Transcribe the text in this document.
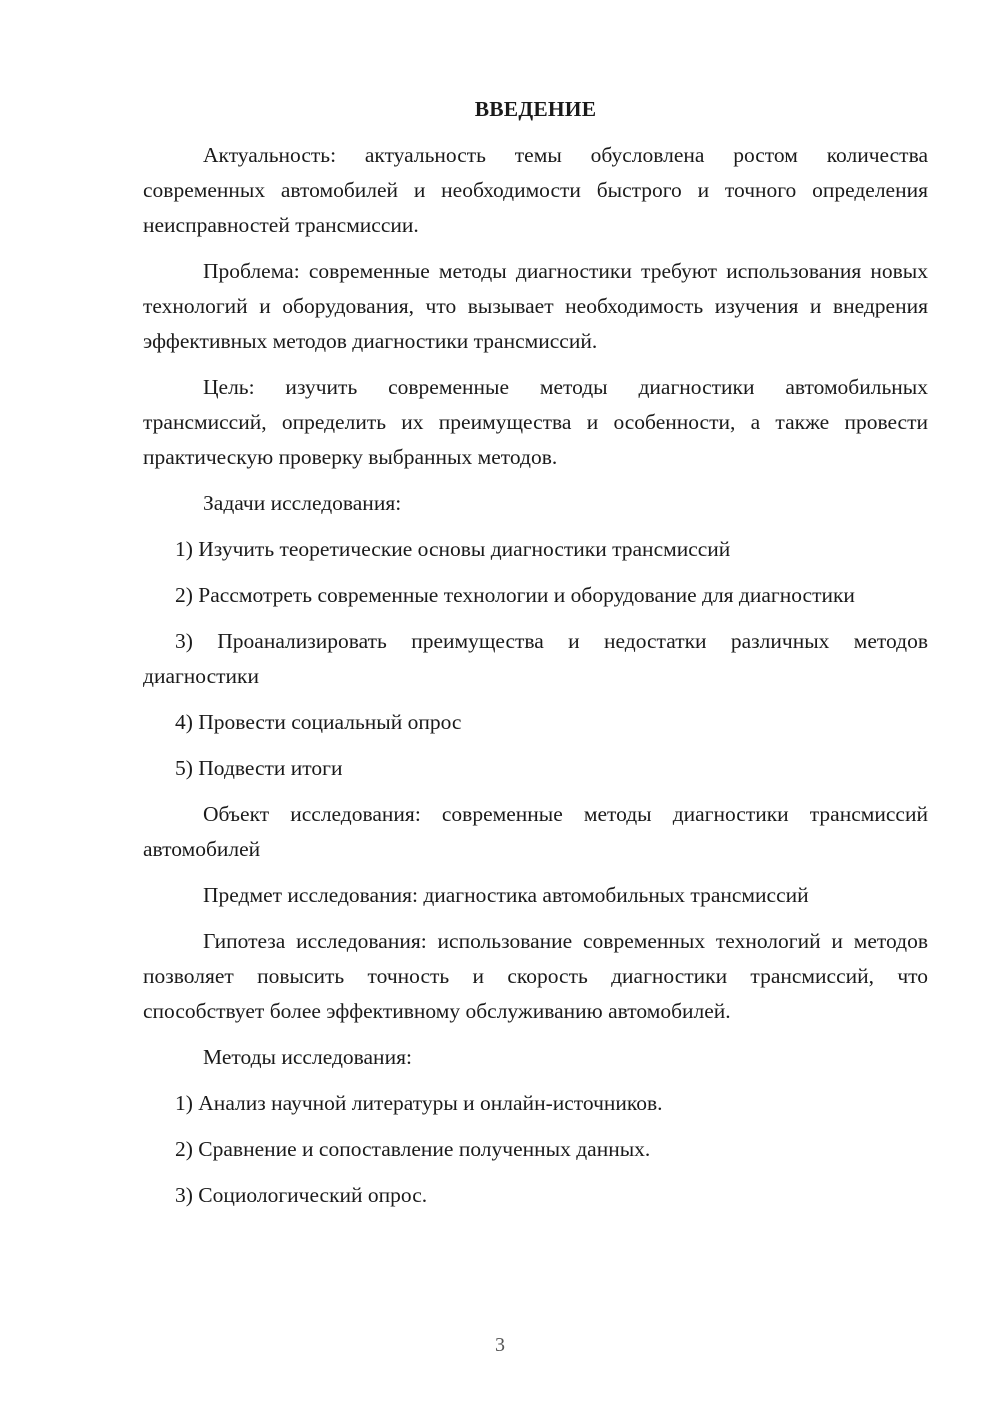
ВВЕДЕНИЕ

Актуальность: актуальность темы обусловлена ростом количества современных автомобилей и необходимости быстрого и точного определения неисправностей трансмиссии.

Проблема: современные методы диагностики требуют использования новых технологий и оборудования, что вызывает необходимость изучения и внедрения эффективных методов диагностики трансмиссий.

Цель: изучить современные методы диагностики автомобильных трансмиссий, определить их преимущества и особенности, а также провести практическую проверку выбранных методов.

Задачи исследования:

1) Изучить теоретические основы диагностики трансмиссий

2) Рассмотреть современные технологии и оборудование для диагностики

3) Проанализировать преимущества и недостатки различных методов диагностики

4) Провести социальный опрос

5) Подвести итоги

Объект исследования: современные методы диагностики трансмиссий автомобилей

Предмет исследования: диагностика автомобильных трансмиссий

Гипотеза исследования: использование современных технологий и методов позволяет повысить точность и скорость диагностики трансмиссий, что способствует более эффективному обслуживанию автомобилей.

Методы исследования:

1) Анализ научной литературы и онлайн-источников.

2) Сравнение и сопоставление полученных данных.

3) Социологический опрос.

3
